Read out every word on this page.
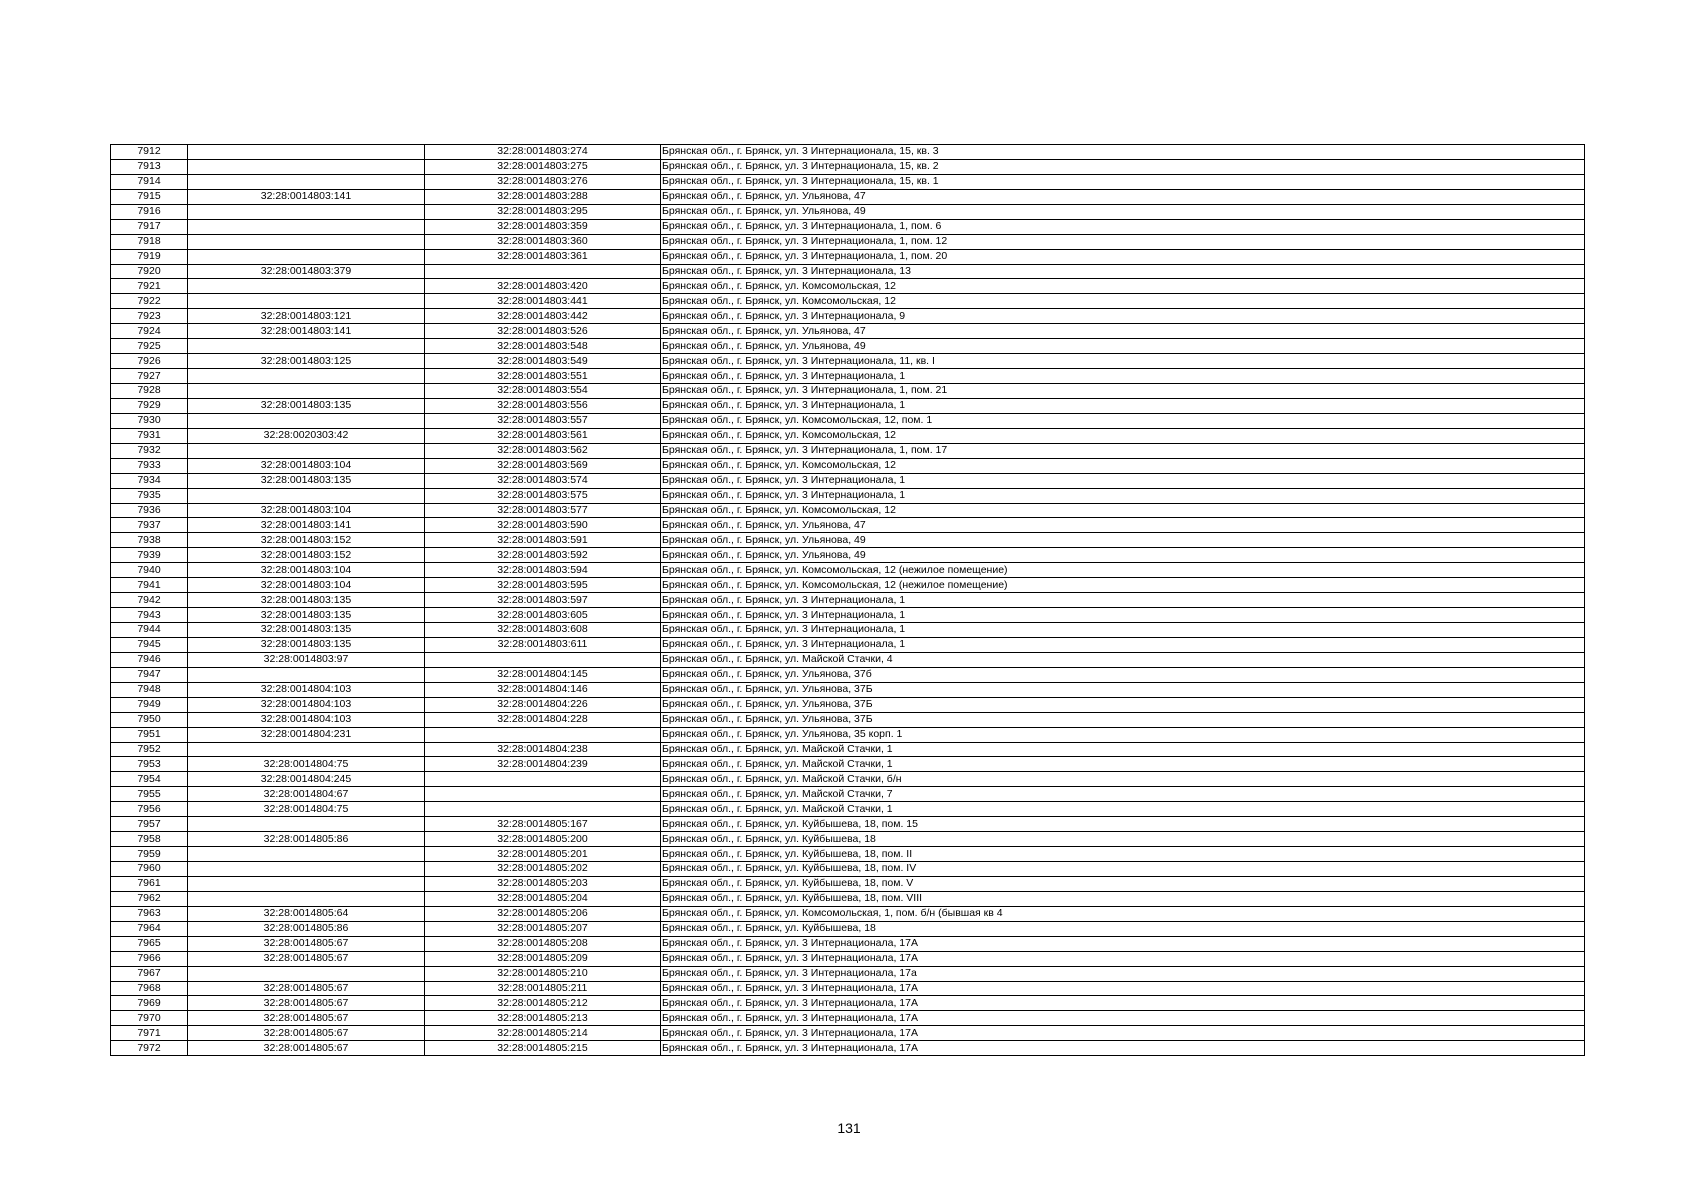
7912		32:28:0014803:274	Брянская обл., г. Брянск, ул. 3 Интернационала, 15, кв. 3
7913		32:28:0014803:275	Брянская обл., г. Брянск, ул. 3 Интернационала, 15, кв. 2
7914		32:28:0014803:276	Брянская обл., г. Брянск, ул. 3 Интернационала, 15, кв. 1
7915	32:28:0014803:141	32:28:0014803:288	Брянская обл., г. Брянск, ул. Ульянова, 47
7916		32:28:0014803:295	Брянская обл., г. Брянск, ул. Ульянова, 49
7917		32:28:0014803:359	Брянская обл., г. Брянск, ул. 3 Интернационала, 1, пом. 6
7918		32:28:0014803:360	Брянская обл., г. Брянск, ул. 3 Интернационала, 1, пом. 12
7919		32:28:0014803:361	Брянская обл., г. Брянск, ул. 3 Интернационала, 1, пом. 20
7920	32:28:0014803:379		Брянская обл., г. Брянск, ул. 3 Интернационала, 13
7921		32:28:0014803:420	Брянская обл., г. Брянск, ул. Комсомольская, 12
7922		32:28:0014803:441	Брянская обл., г. Брянск, ул. Комсомольская, 12
7923	32:28:0014803:121	32:28:0014803:442	Брянская обл., г. Брянск, ул. 3 Интернационала, 9
7924	32:28:0014803:141	32:28:0014803:526	Брянская обл., г. Брянск, ул. Ульянова, 47
7925		32:28:0014803:548	Брянская обл., г. Брянск, ул. Ульянова, 49
7926	32:28:0014803:125	32:28:0014803:549	Брянская обл., г. Брянск, ул. 3 Интернационала, 11, кв. I
7927		32:28:0014803:551	Брянская обл., г. Брянск, ул. 3 Интернационала, 1
7928		32:28:0014803:554	Брянская обл., г. Брянск, ул. 3 Интернационала, 1, пом. 21
7929	32:28:0014803:135	32:28:0014803:556	Брянская обл., г. Брянск, ул. 3 Интернационала, 1
7930		32:28:0014803:557	Брянская обл., г. Брянск, ул. Комсомольская, 12, пом. 1
7931	32:28:0020303:42	32:28:0014803:561	Брянская обл., г. Брянск, ул. Комсомольская, 12
7932		32:28:0014803:562	Брянская обл., г. Брянск, ул. 3 Интернационала, 1, пом. 17
7933	32:28:0014803:104	32:28:0014803:569	Брянская обл., г. Брянск, ул. Комсомольская, 12
7934	32:28:0014803:135	32:28:0014803:574	Брянская обл., г. Брянск, ул. 3 Интернационала, 1
7935		32:28:0014803:575	Брянская обл., г. Брянск, ул. 3 Интернационала, 1
7936	32:28:0014803:104	32:28:0014803:577	Брянская обл., г. Брянск, ул. Комсомольская, 12
7937	32:28:0014803:141	32:28:0014803:590	Брянская обл., г. Брянск, ул. Ульянова, 47
7938	32:28:0014803:152	32:28:0014803:591	Брянская обл., г. Брянск, ул. Ульянова, 49
7939	32:28:0014803:152	32:28:0014803:592	Брянская обл., г. Брянск, ул. Ульянова, 49
7940	32:28:0014803:104	32:28:0014803:594	Брянская обл., г. Брянск, ул. Комсомольская, 12 (нежилое помещение)
7941	32:28:0014803:104	32:28:0014803:595	Брянская обл., г. Брянск, ул. Комсомольская, 12 (нежилое помещение)
7942	32:28:0014803:135	32:28:0014803:597	Брянская обл., г. Брянск, ул. 3 Интернационала, 1
7943	32:28:0014803:135	32:28:0014803:605	Брянская обл., г. Брянск, ул. 3 Интернационала, 1
7944	32:28:0014803:135	32:28:0014803:608	Брянская обл., г. Брянск, ул. 3 Интернационала, 1
7945	32:28:0014803:135	32:28:0014803:611	Брянская обл., г. Брянск, ул. 3 Интернационала, 1
7946	32:28:0014803:97		Брянская обл., г. Брянск, ул. Майской Стачки, 4
7947		32:28:0014804:145	Брянская обл., г. Брянск, ул. Ульянова, 37б
7948	32:28:0014804:103	32:28:0014804:146	Брянская обл., г. Брянск, ул. Ульянова, 37Б
7949	32:28:0014804:103	32:28:0014804:226	Брянская обл., г. Брянск, ул. Ульянова, 37Б
7950	32:28:0014804:103	32:28:0014804:228	Брянская обл., г. Брянск, ул. Ульянова, 37Б
7951	32:28:0014804:231		Брянская обл., г. Брянск, ул. Ульянова, 35 корп. 1
7952		32:28:0014804:238	Брянская обл., г. Брянск, ул. Майской Стачки, 1
7953	32:28:0014804:75	32:28:0014804:239	Брянская обл., г. Брянск, ул. Майской Стачки, 1
7954	32:28:0014804:245		Брянская обл., г. Брянск, ул. Майской Стачки, б/н
7955	32:28:0014804:67		Брянская обл., г. Брянск, ул. Майской Стачки, 7
7956	32:28:0014804:75		Брянская обл., г. Брянск, ул. Майской Стачки, 1
7957		32:28:0014805:167	Брянская обл., г. Брянск, ул. Куйбышева, 18, пом. 15
7958	32:28:0014805:86	32:28:0014805:200	Брянская обл., г. Брянск, ул. Куйбышева, 18
7959		32:28:0014805:201	Брянская обл., г. Брянск, ул. Куйбышева, 18, пом. II
7960		32:28:0014805:202	Брянская обл., г. Брянск, ул. Куйбышева, 18, пом. IV
7961		32:28:0014805:203	Брянская обл., г. Брянск, ул. Куйбышева, 18, пом. V
7962		32:28:0014805:204	Брянская обл., г. Брянск, ул. Куйбышева, 18, пом. VIII
7963	32:28:0014805:64	32:28:0014805:206	Брянская обл., г. Брянск, ул. Комсомольская, 1, пом. б/н (бывшая кв 4
7964	32:28:0014805:86	32:28:0014805:207	Брянская обл., г. Брянск, ул. Куйбышева, 18
7965	32:28:0014805:67	32:28:0014805:208	Брянская обл., г. Брянск, ул. 3 Интернационала, 17А
7966	32:28:0014805:67	32:28:0014805:209	Брянская обл., г. Брянск, ул. 3 Интернационала, 17А
7967		32:28:0014805:210	Брянская обл., г. Брянск, ул. 3 Интернационала, 17а
7968	32:28:0014805:67	32:28:0014805:211	Брянская обл., г. Брянск, ул. 3 Интернационала, 17А
7969	32:28:0014805:67	32:28:0014805:212	Брянская обл., г. Брянск, ул. 3 Интернационала, 17А
7970	32:28:0014805:67	32:28:0014805:213	Брянская обл., г. Брянск, ул. 3 Интернационала, 17А
7971	32:28:0014805:67	32:28:0014805:214	Брянская обл., г. Брянск, ул. 3 Интернационала, 17А
7972	32:28:0014805:67	32:28:0014805:215	Брянская обл., г. Брянск, ул. 3 Интернационала, 17А
131
